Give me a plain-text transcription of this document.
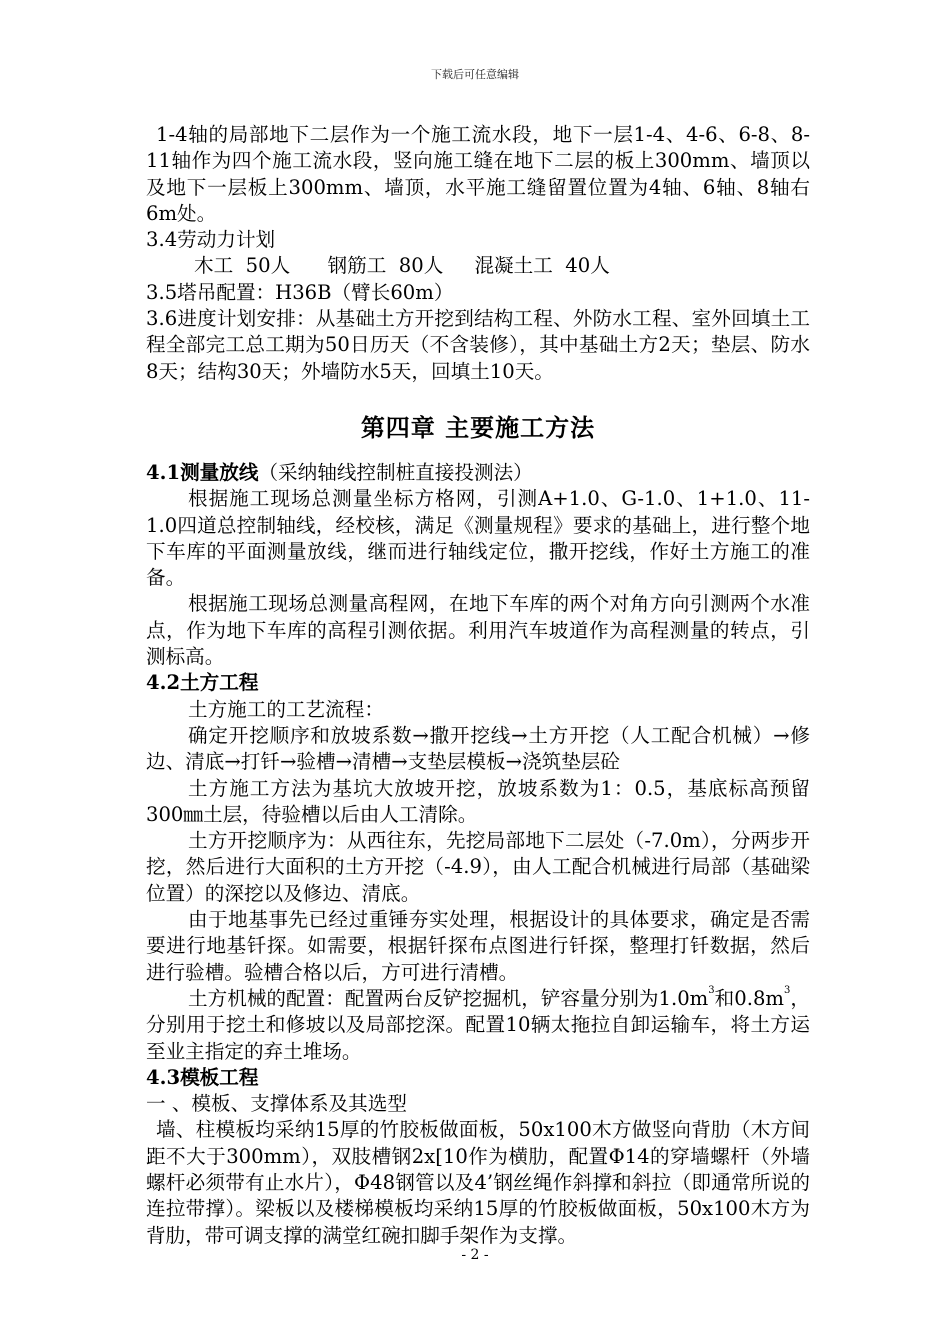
下载后可任意编辑

1-4轴的局部地下二层作为一个施工流水段，地下一层1-4、4-6、6-8、8-11轴作为四个施工流水段，竖向施工缝在地下二层的板上300mm、墙顶以及地下一层板上300mm、墙顶，水平施工缝留置位置为4轴、6轴、8轴右6m处。

3.4劳动力计划

木工  50人      钢筋工  80人     混凝土工  40人

3.5塔吊配置：H36B（臂长60m）

3.6进度计划安排：从基础土方开挖到结构工程、外防水工程、室外回填土工程全部完工总工期为50日历天（不含装修），其中基础土方2天；垫层、防水8天；结构30天；外墙防水5天，回填土10天。

第四章 主要施工方法

4.1测量放线（采纳轴线控制桩直接投测法）

根据施工现场总测量坐标方格网，引测A+1.0、G-1.0、1+1.0、11-1.0四道总控制轴线，经校核，满足《测量规程》要求的基础上，进行整个地下车库的平面测量放线，继而进行轴线定位，撒开挖线，作好土方施工的准备。

根据施工现场总测量高程网，在地下车库的两个对角方向引测两个水准点，作为地下车库的高程引测依据。利用汽车坡道作为高程测量的转点，引测标高。

4.2土方工程

土方施工的工艺流程：

确定开挖顺序和放坡系数→撒开挖线→土方开挖（人工配合机械）→修边、清底→打钎→验槽→清槽→支垫层模板→浇筑垫层砼

土方施工方法为基坑大放坡开挖，放坡系数为1：0.5，基底标高预留300㎜土层，待验槽以后由人工清除。

土方开挖顺序为：从西往东，先挖局部地下二层处（-7.0m），分两步开挖，然后进行大面积的土方开挖（-4.9），由人工配合机械进行局部（基础梁位置）的深挖以及修边、清底。

由于地基事先已经过重锤夯实处理，根据设计的具体要求，确定是否需要进行地基钎探。如需要，根据钎探布点图进行钎探，整理打钎数据，然后进行验槽。验槽合格以后，方可进行清槽。

土方机械的配置：配置两台反铲挖掘机，铲容量分别为$1.0m^3$和$0.8m^3$，分别用于挖土和修坡以及局部挖深。配置10辆太拖拉自卸运输车，将土方运至业主指定的弃土堆场。

4.3模板工程

一 、模板、支撑体系及其选型

墙、柱模板均采纳15厚的竹胶板做面板，50x100木方做竖向背肋（木方间距不大于300mm），双肢槽钢2x[10作为横肋，配置Φ14的穿墙螺杆（外墙螺杆必须带有止水片），Φ48钢管以及4’钢丝绳作斜撑和斜拉（即通常所说的连拉带撑）。梁板以及楼梯模板均采纳15厚的竹胶板做面板，50x100木方为背肋，带可调支撑的满堂红碗扣脚手架作为支撑。

- 2 -
